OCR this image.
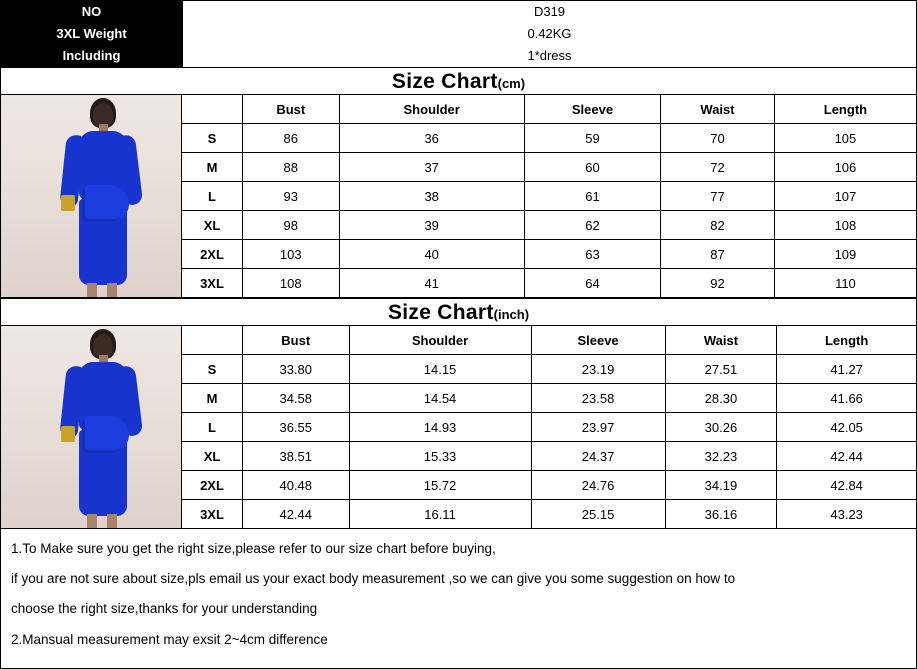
NO	D319
3XL Weight	0.42KG
Including	1*dress
Size Chart(cm)
	Bust	Shoulder	Sleeve	Waist	Length
S	86	36	59	70	105
M	88	37	60	72	106
L	93	38	61	77	107
XL	98	39	62	82	108
2XL	103	40	63	87	109
3XL	108	41	64	92	110
Size Chart(inch)
	Bust	Shoulder	Sleeve	Waist	Length
S	33.80	14.15	23.19	27.51	41.27
M	34.58	14.54	23.58	28.30	41.66
L	36.55	14.93	23.97	30.26	42.05
XL	38.51	15.33	24.37	32.23	42.44
2XL	40.48	15.72	24.76	34.19	42.84
3XL	42.44	16.11	25.15	36.16	43.23

1.To Make sure you get the right size,please refer to our size chart before buying,

if you are not sure about size,pls email us your exact body measurement ,so we can give you some suggestion on how to

choose the right size,thanks for your understanding

2.Mansual measurement may exsit 2~4cm difference
